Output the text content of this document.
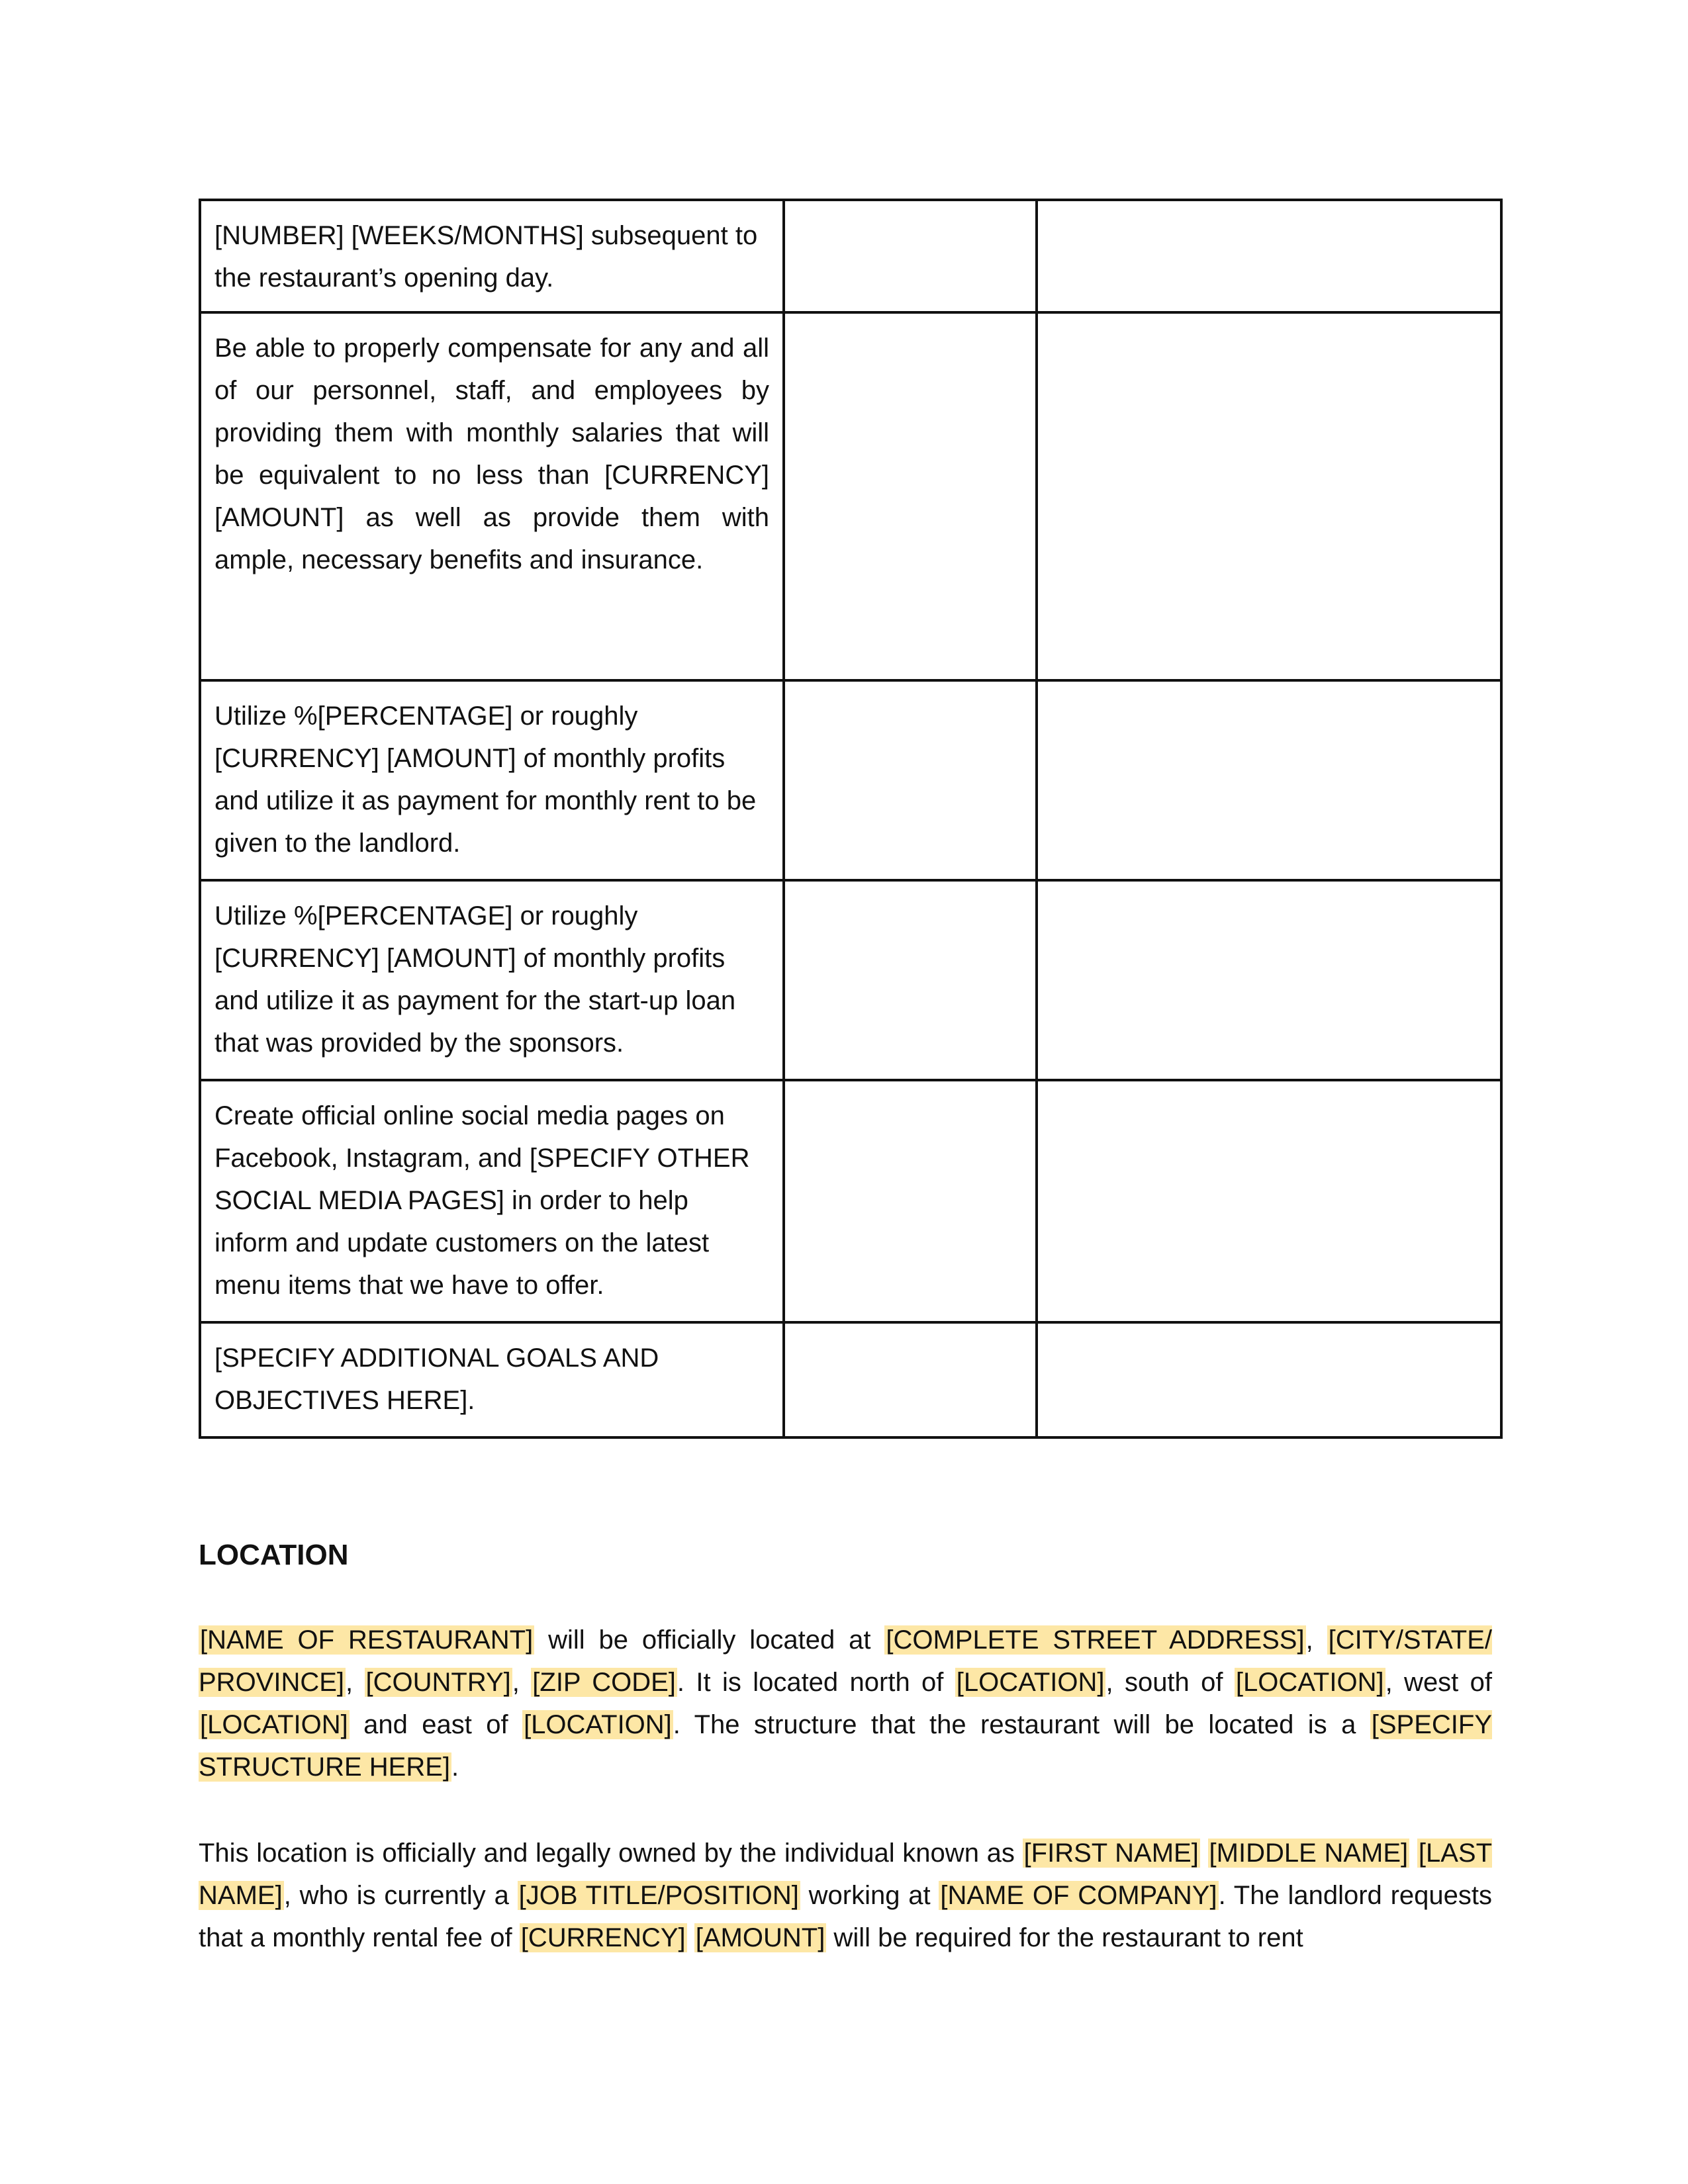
[NUMBER] [WEEKS/MONTHS] subsequent to the restaurant’s opening day.		
Be able to properly compensate for any and all of our personnel, staff, and employees by providing them with monthly salaries that will be equivalent to no less than [CURRENCY][AMOUNT] as well as provide them with ample, necessary benefits and insurance.		
Utilize %[PERCENTAGE] or roughly [CURRENCY] [AMOUNT] of monthly profits and utilize it as payment for monthly rent to be given to the landlord.		
Utilize %[PERCENTAGE] or roughly [CURRENCY] [AMOUNT] of monthly profits and utilize it as payment for the start-up loan that was provided by the sponsors.		
Create official online social media pages on Facebook, Instagram, and [SPECIFY OTHER SOCIAL MEDIA PAGES] in order to help inform and update customers on the latest menu items that we have to offer.		
[SPECIFY ADDITIONAL GOALS AND OBJECTIVES HERE].		
LOCATION

[NAME OF RESTAURANT] will be officially located at [COMPLETE STREET ADDRESS], [CITY/STATE/ PROVINCE], [COUNTRY], [ZIP CODE]. It is located north of [LOCATION], south of [LOCATION], west of [LOCATION] and east of [LOCATION]. The structure that the restaurant will be located is a [SPECIFY STRUCTURE HERE].

This location is officially and legally owned by the individual known as [FIRST NAME] [MIDDLE NAME] [LAST NAME], who is currently a [JOB TITLE/POSITION] working at [NAME OF COMPANY]. The landlord requests that a monthly rental fee of [CURRENCY] [AMOUNT] will be required for the restaurant to rent
